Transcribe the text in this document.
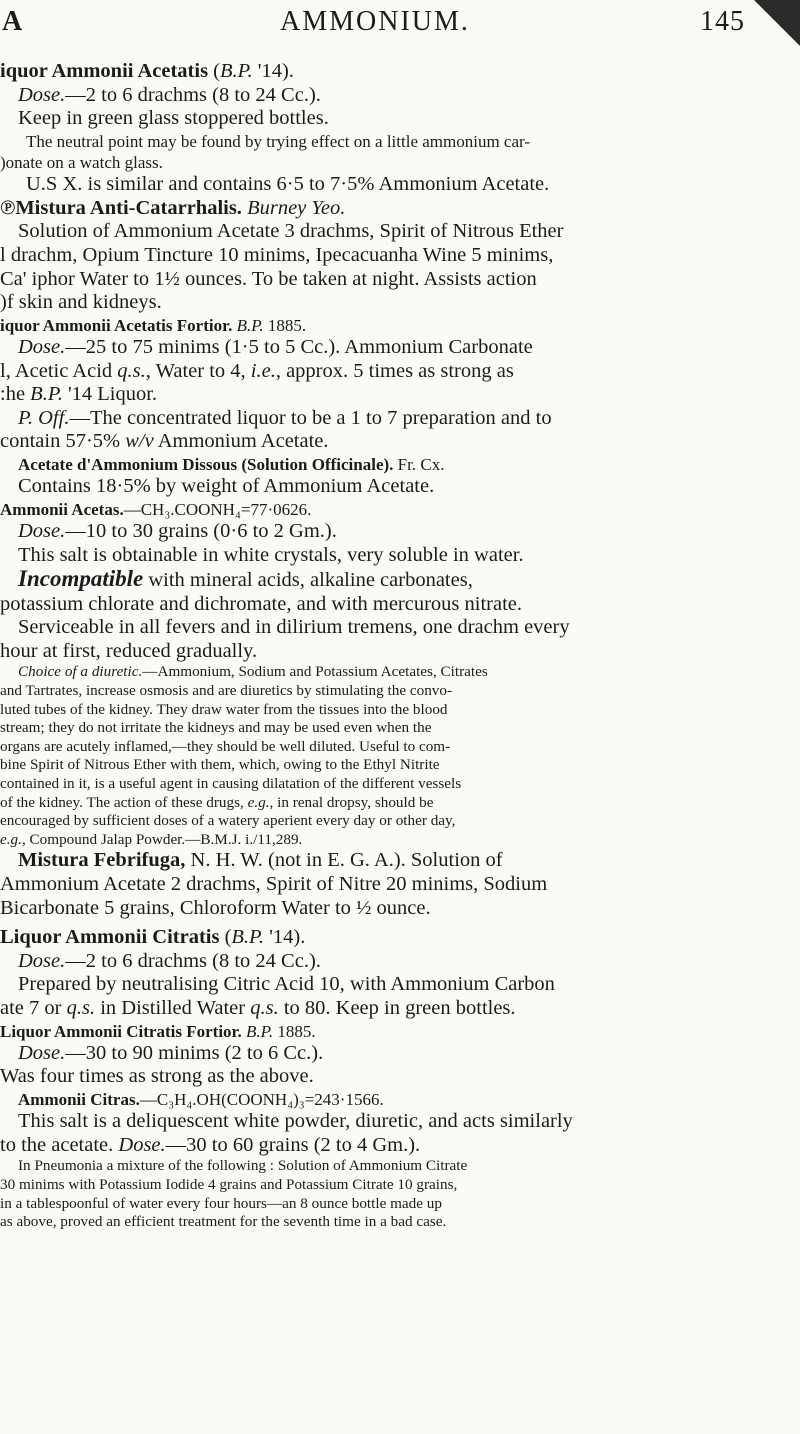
A	AMMONIUM.	145
iquor Ammonii Acetatis (B.P. '14).
Dose.—2 to 6 drachms (8 to 24 Cc.).
Keep in green glass stoppered bottles.
The neutral point may be found by trying effect on a little ammonium car-
)onate on a watch glass.
U.S X. is similar and contains 6·5 to 7·5% Ammonium Acetate.
℗Mistura Anti-Catarrhalis. Burney Yeo.
Solution of Ammonium Acetate 3 drachms, Spirit of Nitrous Ether
l drachm, Opium Tincture 10 minims, Ipecacuanha Wine 5 minims,
Ca' iphor Water to 1½ ounces. To be taken at night. Assists action
)f skin and kidneys.
iquor Ammonii Acetatis Fortior. B.P. 1885.
Dose.—25 to 75 minims (1·5 to 5 Cc.). Ammonium Carbonate
l, Acetic Acid q.s., Water to 4, i.e., approx. 5 times as strong as
:he B.P. '14 Liquor.
P. Off.—The concentrated liquor to be a 1 to 7 preparation and to
contain 57·5% w/v Ammonium Acetate.
Acetate d'Ammonium Dissous (Solution Officinale). Fr. Cx.
Contains 18·5% by weight of Ammonium Acetate.
Ammonii Acetas.—CH₃.COONH₄=77·0626.
Dose.—10 to 30 grains (0·6 to 2 Gm.).
This salt is obtainable in white crystals, very soluble in water.
Incompatible with mineral acids, alkaline carbonates,
potassium chlorate and dichromate, and with mercurous nitrate.
Serviceable in all fevers and in dilirium tremens, one drachm every
hour at first, reduced gradually.
Choice of a diuretic.—Ammonium, Sodium and Potassium Acetates, Citrates
and Tartrates, increase osmosis and are diuretics by stimulating the convo-
luted tubes of the kidney. They draw water from the tissues into the blood
stream; they do not irritate the kidneys and may be used even when the
organs are acutely inflamed,—they should be well diluted. Useful to com-
bine Spirit of Nitrous Ether with them, which, owing to the Ethyl Nitrite
contained in it, is a useful agent in causing dilatation of the different vessels
of the kidney. The action of these drugs, e.g., in renal dropsy, should be
encouraged by sufficient doses of a watery aperient every day or other day,
e.g., Compound Jalap Powder.—B.M.J. i./11,289.
Mistura Febrifuga, N. H. W. (not in E. G. A.). Solution of
Ammonium Acetate 2 drachms, Spirit of Nitre 20 minims, Sodium
Bicarbonate 5 grains, Chloroform Water to ½ ounce.
Liquor Ammonii Citratis (B.P. '14).
Dose.—2 to 6 drachms (8 to 24 Cc.).
Prepared by neutralising Citric Acid 10, with Ammonium Carbon
ate 7 or q.s. in Distilled Water q.s. to 80. Keep in green bottles.
Liquor Ammonii Citratis Fortior. B.P. 1885.
Dose.—30 to 90 minims (2 to 6 Cc.).
Was four times as strong as the above.
Ammonii Citras.—C₃H₄.OH(COONH₄)₃=243·1566.
This salt is a deliquescent white powder, diuretic, and acts similarly
to the acetate. Dose.—30 to 60 grains (2 to 4 Gm.).
In Pneumonia a mixture of the following : Solution of Ammonium Citrate
30 minims with Potassium Iodide 4 grains and Potassium Citrate 10 grains,
in a tablespoonful of water every four hours—an 8 ounce bottle made up
as above, proved an efficient treatment for the seventh time in a bad case.
